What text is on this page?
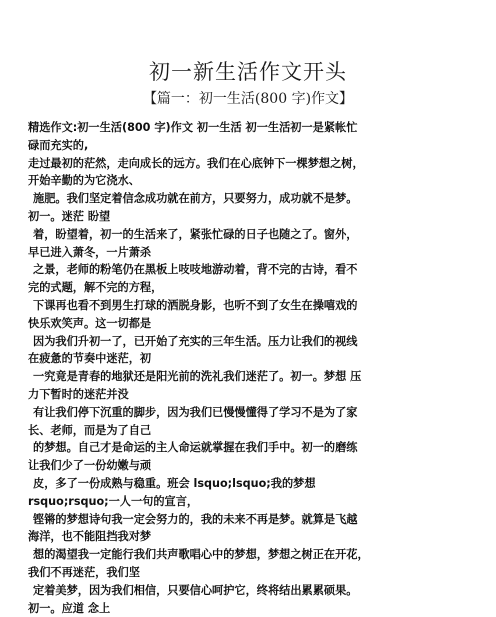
初一新生活作文开头
【篇一：初一生活(800 字)作文】
精选作文:初一生活(800 字)作文 初一生活 初一生活初一是紧帐忙
碌而充实的,
走过最初的茫然，走向成长的远方。我们在心底钟下一棵梦想之树，
开始辛勤的为它浇水、
施肥。我们坚定着信念成功就在前方，只要努力，成功就不是梦。
初一。迷茫 盼望
着，盼望着，初一的生活来了，紧张忙碌的日子也随之了。窗外，
早已进入萧冬，一片萧杀
之景，老师的粉笔仍在黑板上吱吱地游动着，背不完的古诗，看不
完的式题，解不完的方程，
下课再也看不到男生打球的洒脱身影，也听不到了女生在操嘻戏的
快乐欢笑声。这一切都是
因为我们升初一了，已开始了充实的三年生活。压力让我们的视线
在疲惫的节奏中迷茫，初
一究竟是青春的地狱还是阳光前的洗礼我们迷茫了。初一。梦想 压
力下暂时的迷茫并没
有让我们停下沉重的脚步，因为我们已慢慢懂得了学习不是为了家
长、老师，而是为了自己
的梦想。自己才是命运的主人命运就掌握在我们手中。初一的磨练
让我们少了一份幼嫩与顽
皮，多了一份成熟与稳重。班会 lsquo;lsquo;我的梦想
rsquo;rsquo;一人一句的宣言，
铿锵的梦想诗句我一定会努力的，我的未来不再是梦。就算是飞越
海洋，也不能阻挡我对梦
想的渴望我一定能行我们共声歌唱心中的梦想，梦想之树正在开花，
我们不再迷茫，我们坚
定着美梦，因为我们相信，只要信心呵护它，终将结出累累硕果。
初一。应道 念上
